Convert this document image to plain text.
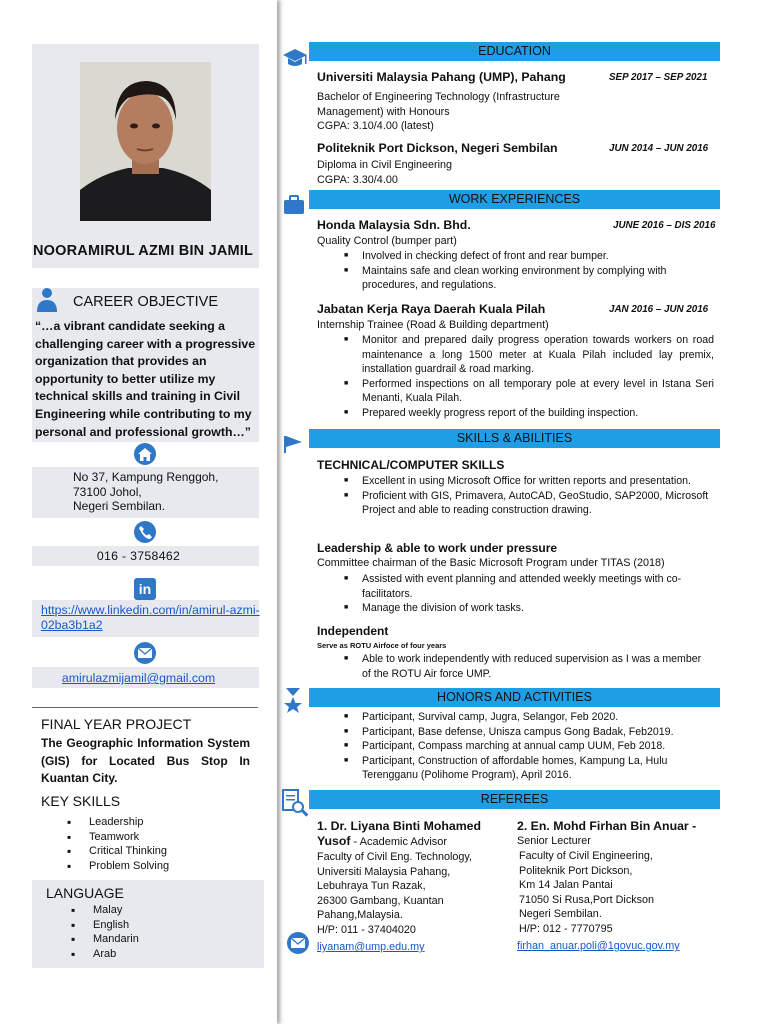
NOORAMIRUL AZMI BIN JAMIL
CAREER OBJECTIVE
“…a vibrant candidate seeking a challenging career with a progressive organization that provides an opportunity to better utilize my technical skills and training in Civil Engineering while contributing to my personal and professional growth…”
No 37, Kampung Renggoh,
73100 Johol,
Negeri Sembilan.
016 - 3758462
in
https://www.linkedin.com/in/amirul-azmi-02ba3b1a2
amirulazmijamil@gmail.com
FINAL YEAR PROJECT
The Geographic Information System (GIS) for Located Bus Stop In Kuantan City.
KEY SKILLS
▪ Leadership
▪ Teamwork
▪ Critical Thinking
▪ Problem Solving
LANGUAGE
▪ Malay
▪ English
▪ Mandarin
▪ Arab
EDUCATION
Universiti Malaysia Pahang (UMP), Pahang	SEP 2017 – SEP 2021
Bachelor of Engineering Technology (Infrastructure
Management) with Honours
CGPA: 3.10/4.00 (latest)
Politeknik Port Dickson, Negeri Sembilan	JUN 2014 – JUN 2016
Diploma in Civil Engineering
CGPA: 3.30/4.00
WORK EXPERIENCES
Honda Malaysia Sdn. Bhd.	JUNE 2016 – DIS 2016
Quality Control (bumper part)
■ Involved in checking defect of front and rear bumper.
■ Maintains safe and clean working environment by complying with procedures, and regulations.
Jabatan Kerja Raya Daerah Kuala Pilah	JAN 2016 – JUN 2016
Internship Trainee (Road & Building department)
■ Monitor and prepared daily progress operation towards workers on road maintenance a long 1500 meter at Kuala Pilah included lay premix, installation guardrail & road marking.
■ Performed inspections on all temporary pole at every level in Istana Seri Menanti, Kuala Pilah.
■ Prepared weekly progress report of the building inspection.
SKILLS & ABILITIES
TECHNICAL/COMPUTER SKILLS
■ Excellent in using Microsoft Office for written reports and presentation.
■ Proficient with GIS, Primavera, AutoCAD, GeoStudio, SAP2000, Microsoft Project and able to reading construction drawing.
Leadership & able to work under pressure
Committee chairman of the Basic Microsoft Program under TITAS (2018)
■ Assisted with event planning and attended weekly meetings with co-facilitators.
■ Manage the division of work tasks.
Independent
Serve as ROTU Airfoce of four years
■ Able to work independently with reduced supervision as I was a member of the ROTU Air force UMP.
HONORS AND ACTIVITIES
■ Participant, Survival camp, Jugra, Selangor, Feb 2020.
■ Participant, Base defense, Unisza campus Gong Badak, Feb2019.
■ Participant, Compass marching at annual camp UUM, Feb 2018.
■ Participant, Construction of affordable homes, Kampung La, Hulu Terengganu (Polihome Program), April 2016.
REFEREES
1. Dr. Liyana Binti Mohamed Yusof - Academic Advisor
Faculty of Civil Eng. Technology,
Universiti Malaysia Pahang,
Lebuhraya Tun Razak,
26300 Gambang, Kuantan
Pahang,Malaysia.
H/P: 011 - 37404020
liyanam@ump.edu.my
2. En. Mohd Firhan Bin Anuar -
Senior Lecturer
Faculty of Civil Engineering,
Politeknik Port Dickson,
Km 14 Jalan Pantai
71050 Si Rusa,Port Dickson
Negeri Sembilan.
H/P: 012 - 7770795
firhan_anuar.poli@1govuc.gov.my
